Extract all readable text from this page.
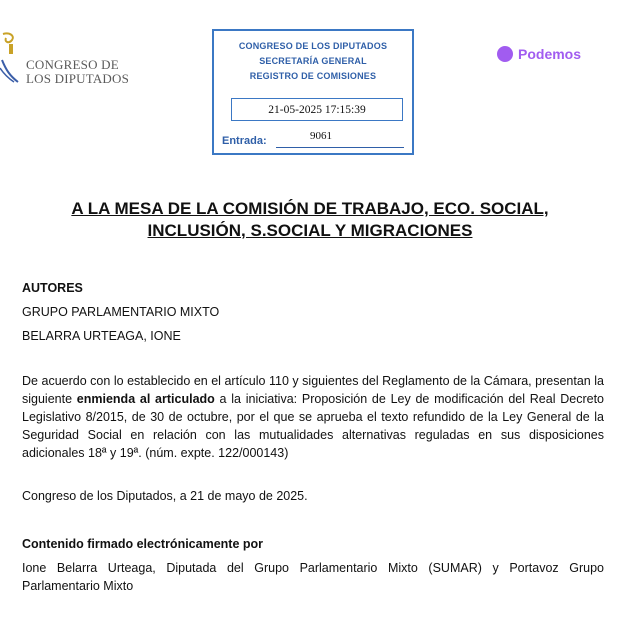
CONGRESO DE
LOS DIPUTADOS
CONGRESO DE LOS DIPUTADOS
SECRETARÍA GENERAL
REGISTRO DE COMISIONES
21-05-2025 17:15:39
Entrada:	9061
Podemos
A LA MESA DE LA COMISIÓN DE TRABAJO, ECO. SOCIAL,
INCLUSIÓN, S.SOCIAL Y MIGRACIONES
AUTORES
GRUPO PARLAMENTARIO MIXTO
BELARRA URTEAGA, IONE
De acuerdo con lo establecido en el artículo 110 y siguientes del Reglamento de la Cámara, presentan la siguiente enmienda al articulado a la iniciativa: Proposición de Ley de modificación del Real Decreto Legislativo 8/2015, de 30 de octubre, por el que se aprueba el texto refundido de la Ley General de la Seguridad Social en relación con las mutualidades alternativas reguladas en sus disposiciones adicionales 18ª y 19ª. (núm. expte. 122/000143)
Congreso de los Diputados, a 21 de mayo de 2025.
Contenido firmado electrónicamente por
Ione Belarra Urteaga, Diputada del Grupo Parlamentario Mixto (SUMAR) y Portavoz Grupo Parlamentario Mixto
